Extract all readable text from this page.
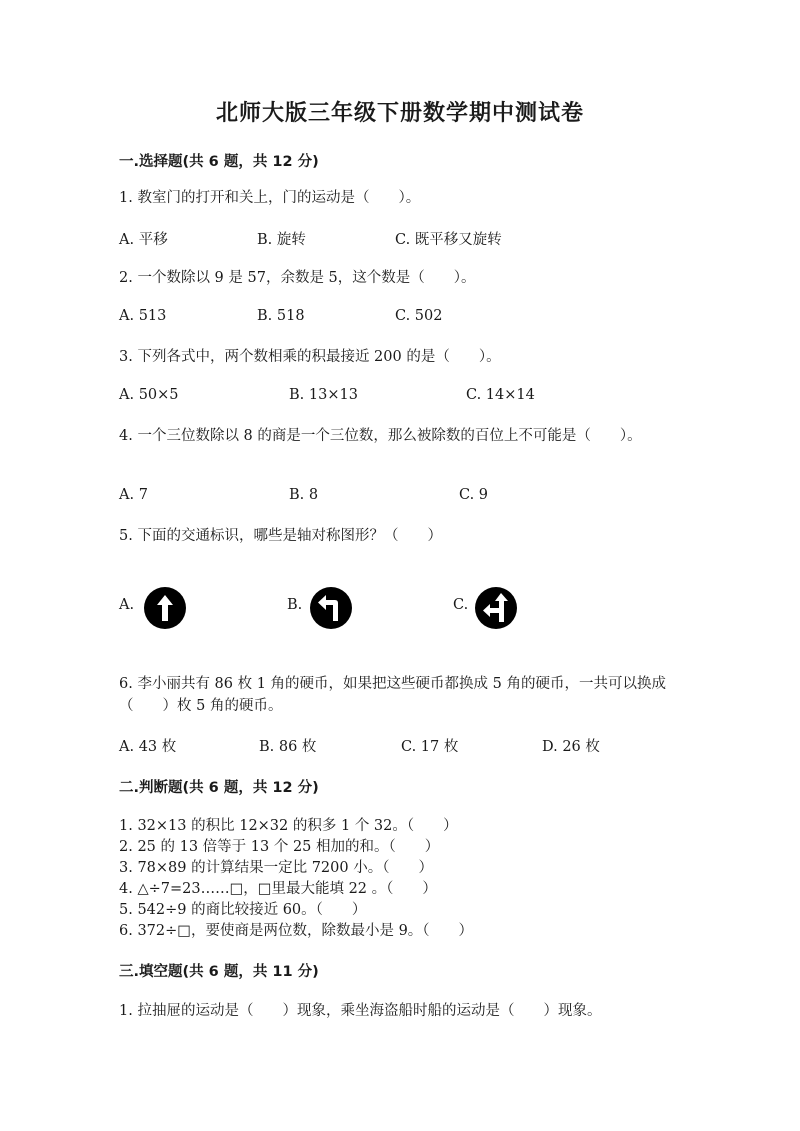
北师大版三年级下册数学期中测试卷
一.选择题(共 6 题，共 12 分)
1. 教室门的打开和关上，门的运动是（　　）。
A. 平移	B. 旋转	C. 既平移又旋转
2. 一个数除以 9 是 57，余数是 5，这个数是（　　）。
A. 513	B. 518	C. 502
3. 下列各式中，两个数相乘的积最接近 200 的是（　　）。
A. 50×5	B. 13×13	C. 14×14
4. 一个三位数除以 8 的商是一个三位数，那么被除数的百位上不可能是（　　）。
A. 7	B. 8	C. 9
5. 下面的交通标识，哪些是轴对称图形？（　　）
A.	B.	C.
6. 李小丽共有 86 枚 1 角的硬币，如果把这些硬币都换成 5 角的硬币，一共可以换成（　　）枚 5 角的硬币。
A. 43 枚	B. 86 枚	C. 17 枚	D. 26 枚
二.判断题(共 6 题，共 12 分)
1. 32×13 的积比 12×32 的积多 1 个 32。（　　）
2. 25 的 13 倍等于 13 个 25 相加的和。（　　）
3. 78×89 的计算结果一定比 7200 小。（　　）
4. △÷7=23……□，□里最大能填 22 。（　　）
5. 542÷9 的商比较接近 60。（　　）
6. 372÷□，要使商是两位数，除数最小是 9。（　　）
三.填空题(共 6 题，共 11 分)
1. 拉抽屉的运动是（　　）现象，乘坐海盗船时船的运动是（　　）现象。
